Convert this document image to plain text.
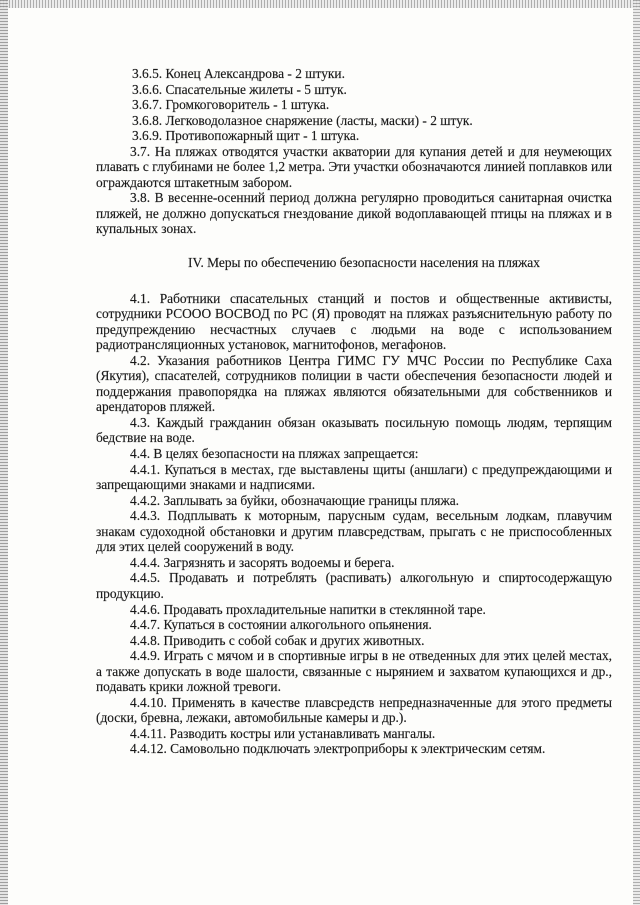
3.6.5. Конец Александрова - 2 штуки.

3.6.6. Спасательные жилеты - 5 штук.

3.6.7. Громкоговоритель - 1 штука.

3.6.8. Легководолазное снаряжение (ласты, маски) - 2 штук.

3.6.9. Противопожарный щит - 1 штука.

3.7. На пляжах отводятся участки акватории для купания детей и для неумеющих плавать с глубинами не более 1,2 метра. Эти участки обозначаются линией поплавков или ограждаются штакетным забором.

3.8. В весенне-осенний период должна регулярно проводиться санитарная очистка пляжей, не должно допускаться гнездование дикой водоплавающей птицы на пляжах и в купальных зонах.

IV. Меры по обеспечению безопасности населения на пляжах

4.1. Работники спасательных станций и постов и общественные активисты, сотрудники РСООО ВОСВОД по РС (Я) проводят на пляжах разъяснительную работу по предупреждению несчастных случаев с людьми на воде с использованием радиотрансляционных установок, магнитофонов, мегафонов.

4.2. Указания работников Центра ГИМС ГУ МЧС России по Республике Саха (Якутия), спасателей, сотрудников полиции в части обеспечения безопасности людей и поддержания правопорядка на пляжах являются обязательными для собственников и арендаторов пляжей.

4.3. Каждый гражданин обязан оказывать посильную помощь людям, терпящим бедствие на воде.

4.4. В целях безопасности на пляжах запрещается:

4.4.1. Купаться в местах, где выставлены щиты (аншлаги) с предупреждающими и запрещающими знаками и надписями.

4.4.2. Заплывать за буйки, обозначающие границы пляжа.

4.4.3. Подплывать к моторным, парусным судам, весельным лодкам, плавучим знакам судоходной обстановки и другим плавсредствам, прыгать с не приспособленных для этих целей сооружений в воду.

4.4.4. Загрязнять и засорять водоемы и берега.

4.4.5. Продавать и потреблять (распивать) алкогольную и спиртосодержащую продукцию.

4.4.6. Продавать прохладительные напитки в стеклянной таре.

4.4.7. Купаться в состоянии алкогольного опьянения.

4.4.8. Приводить с собой собак и других животных.

4.4.9. Играть с мячом и в спортивные игры в не отведенных для этих целей местах, а также допускать в воде шалости, связанные с нырянием и захватом купающихся и др., подавать крики ложной тревоги.

4.4.10. Применять в качестве плавсредств непредназначенные для этого предметы (доски, бревна, лежаки, автомобильные камеры и др.).

4.4.11. Разводить костры или устанавливать мангалы.

4.4.12. Самовольно подключать электроприборы к электрическим сетям.
